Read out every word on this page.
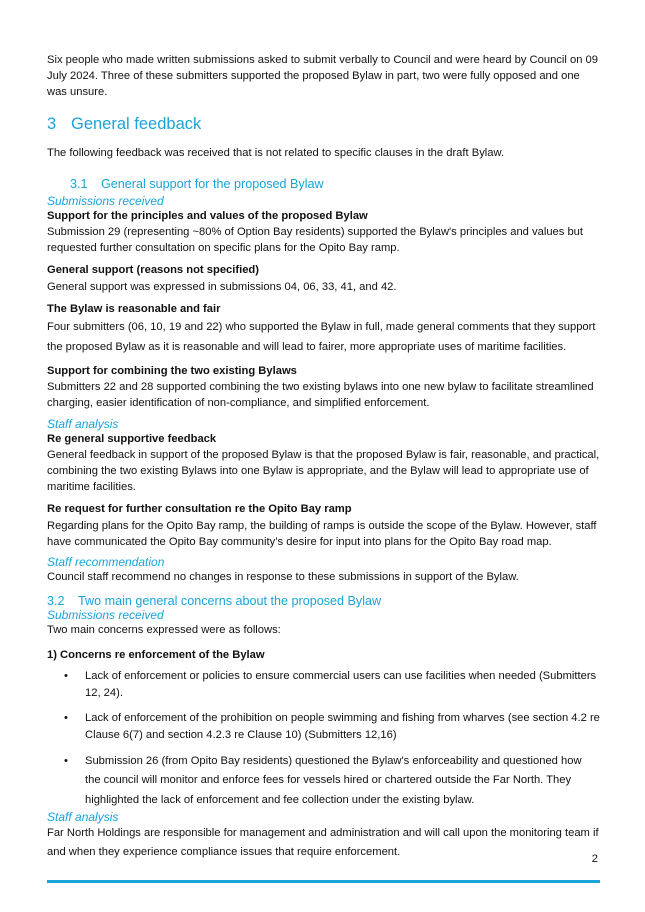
Six people who made written submissions asked to submit verbally to Council and were heard by Council on 09 July 2024. Three of these submitters supported the proposed Bylaw in part, two were fully opposed and one was unsure.

3 General feedback

The following feedback was received that is not related to specific clauses in the draft Bylaw.

3.1 General support for the proposed Bylaw
Submissions received

Support for the principles and values of the proposed Bylaw

Submission 29 (representing ~80% of Option Bay residents) supported the Bylaw's principles and values but requested further consultation on specific plans for the Opito Bay ramp.

General support (reasons not specified)

General support was expressed in submissions 04, 06, 33, 41, and 42.

The Bylaw is reasonable and fair

Four submitters (06, 10, 19 and 22) who supported the Bylaw in full, made general comments that they support the proposed Bylaw as it is reasonable and will lead to fairer, more appropriate uses of maritime facilities.

Support for combining the two existing Bylaws

Submitters 22 and 28 supported combining the two existing bylaws into one new bylaw to facilitate streamlined charging, easier identification of non-compliance, and simplified enforcement.

Staff analysis

Re general supportive feedback

General feedback in support of the proposed Bylaw is that the proposed Bylaw is fair, reasonable, and practical, combining the two existing Bylaws into one Bylaw is appropriate, and the Bylaw will lead to appropriate use of maritime facilities.

Re request for further consultation re the Opito Bay ramp

Regarding plans for the Opito Bay ramp, the building of ramps is outside the scope of the Bylaw. However, staff have communicated the Opito Bay community’s desire for input into plans for the Opito Bay road map.

Staff recommendation

Council staff recommend no changes in response to these submissions in support of the Bylaw.

3.2 Two main general concerns about the proposed Bylaw
Submissions received

Two main concerns expressed were as follows:

1) Concerns re enforcement of the Bylaw

• Lack of enforcement or policies to ensure commercial users can use facilities when needed (Submitters 12, 24).
• Lack of enforcement of the prohibition on people swimming and fishing from wharves (see section 4.2 re Clause 6(7) and section 4.2.3 re Clause 10) (Submitters 12,16)
• Submission 26 (from Opito Bay residents) questioned the Bylaw's enforceability and questioned how the council will monitor and enforce fees for vessels hired or chartered outside the Far North. They highlighted the lack of enforcement and fee collection under the existing bylaw.
Staff analysis

Far North Holdings are responsible for management and administration and will call upon the monitoring team if and when they experience compliance issues that require enforcement.

2
